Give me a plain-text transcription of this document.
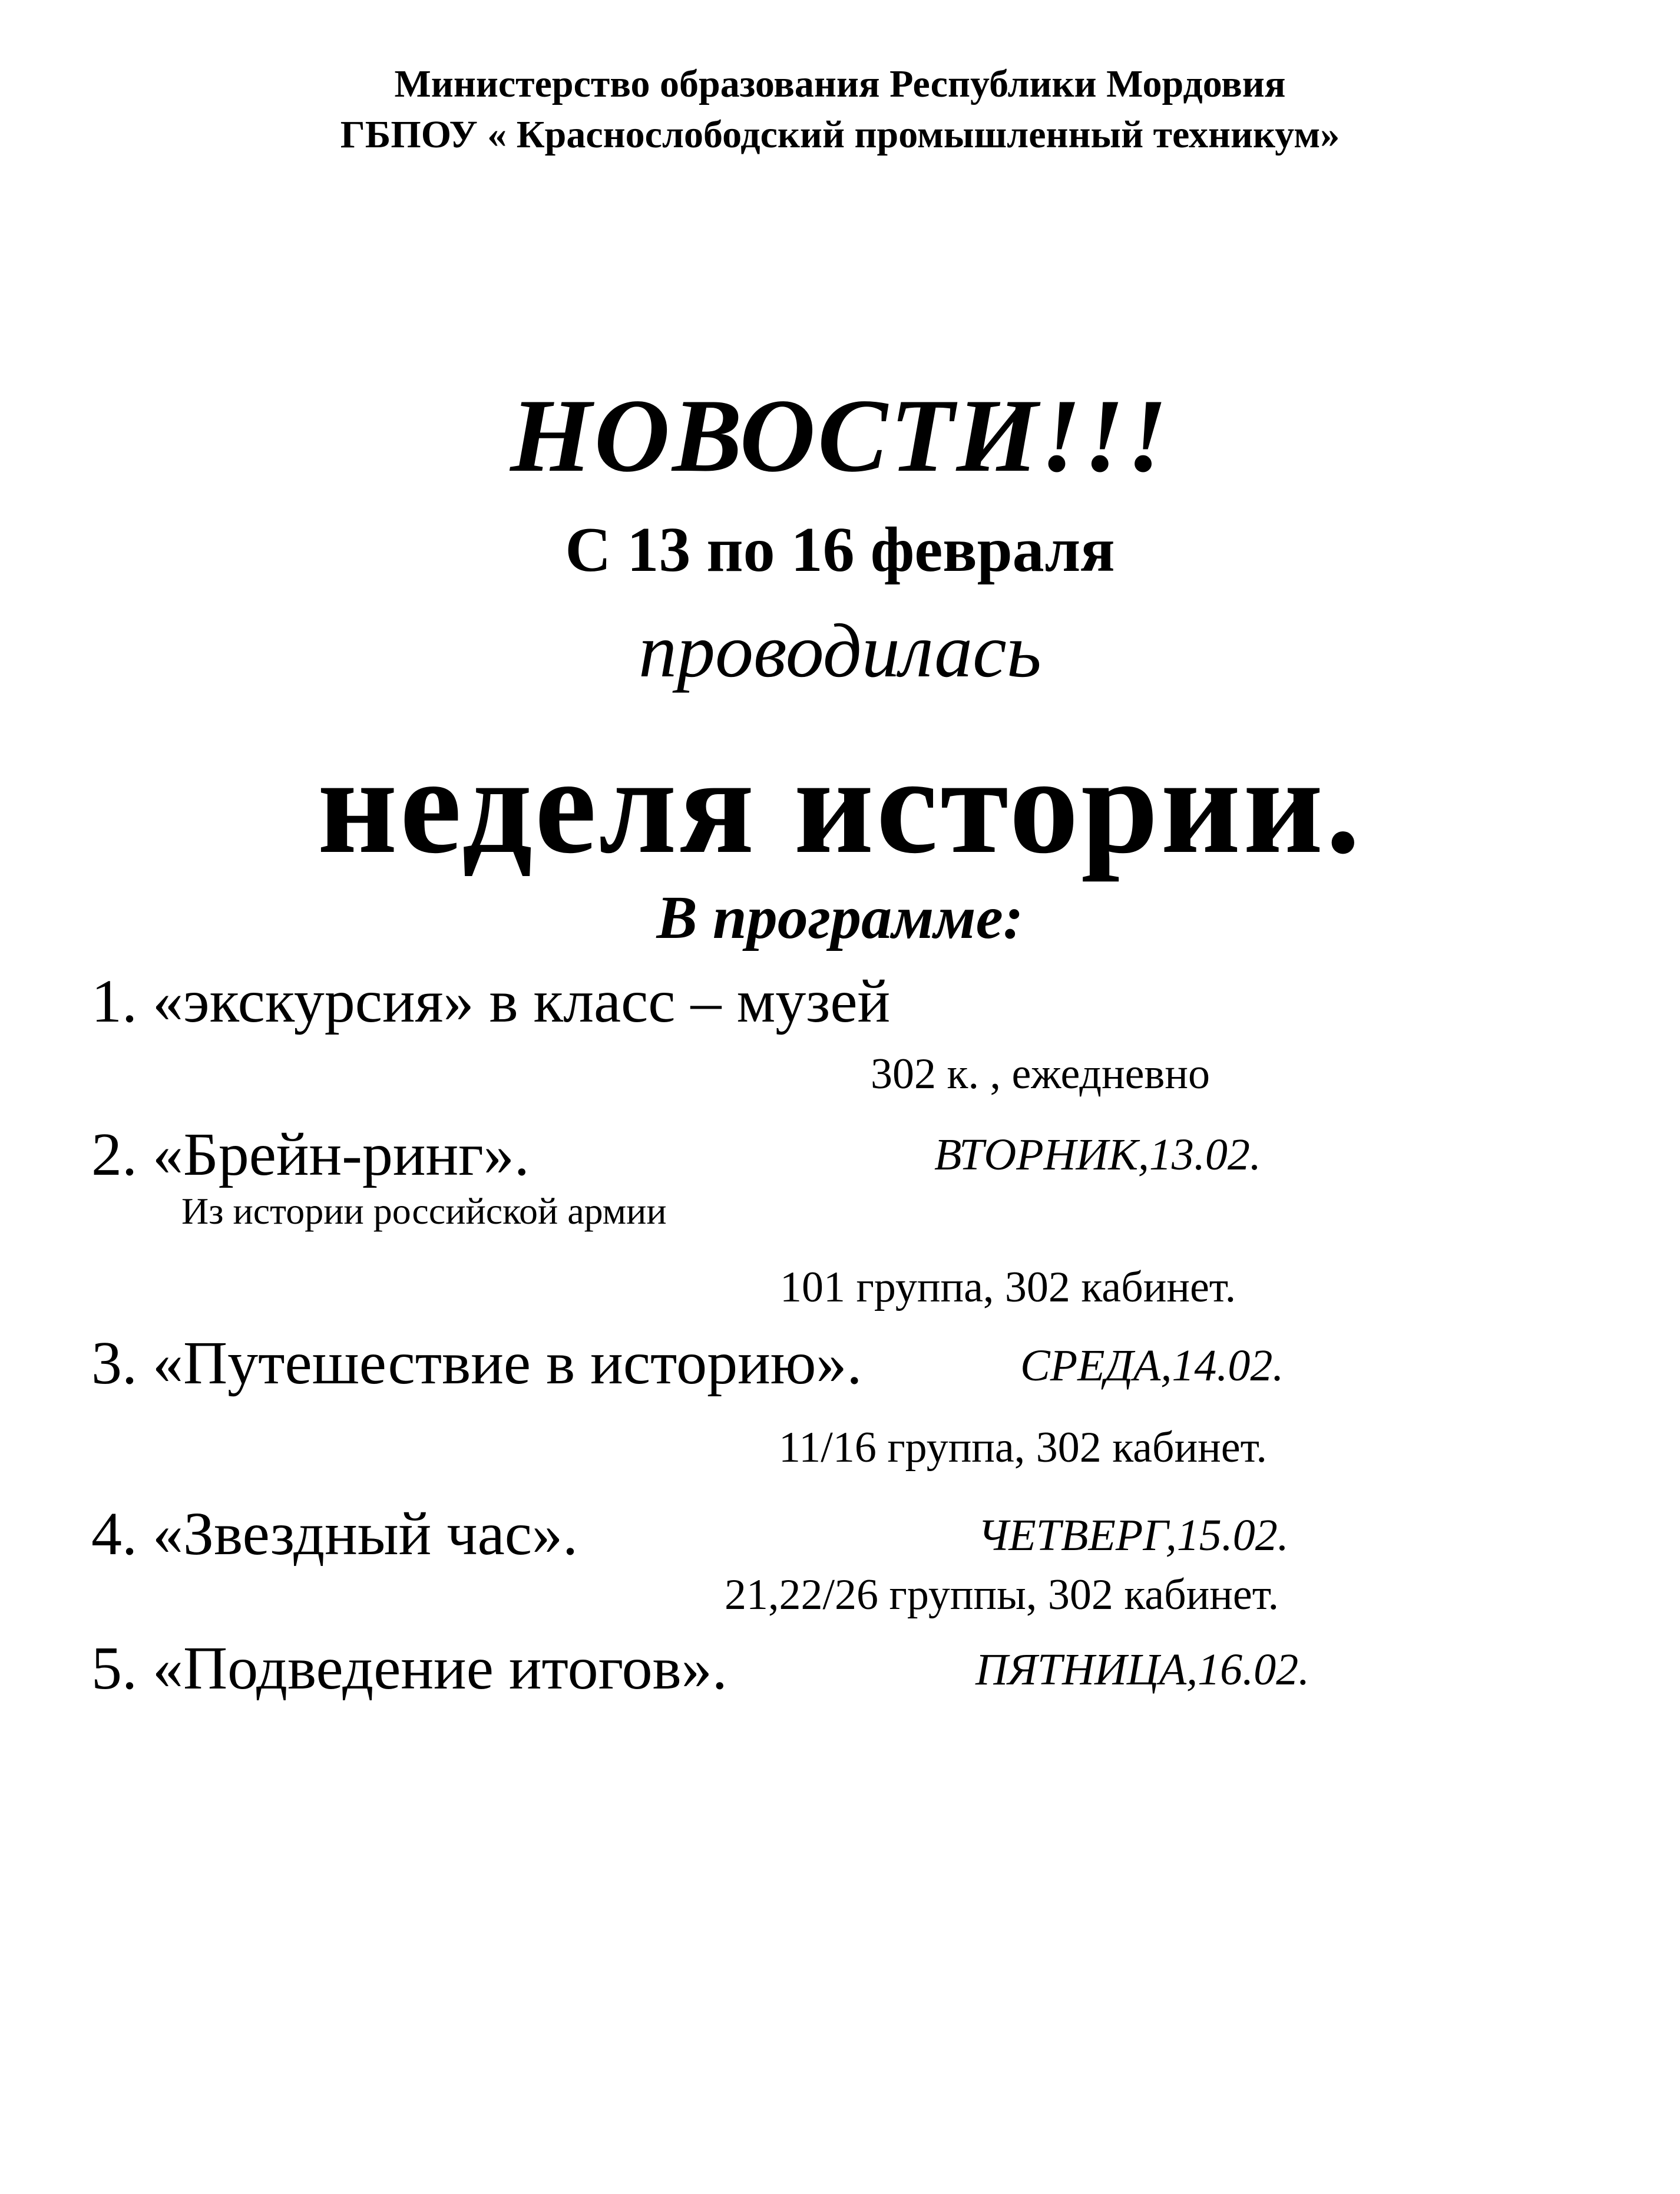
Министерство образования Республики Мордовия
ГБПОУ « Краснослободский промышленный техникум»
НОВОСТИ!!!
С 13 по 16 февраля
проводилась
неделя истории.
В программе:
1. «экскурсия» в класс – музей
302 к. , ежедневно
2. «Брейн-ринг».	ВТОРНИК,13.02.
Из истории российской армии
101 группа, 302 кабинет.
3. «Путешествие в историю».	СРЕДА,14.02.
11/16 группа, 302 кабинет.
4. «Звездный час».	ЧЕТВЕРГ,15.02.
21,22/26 группы, 302 кабинет.
5. «Подведение итогов».	ПЯТНИЦА,16.02.
